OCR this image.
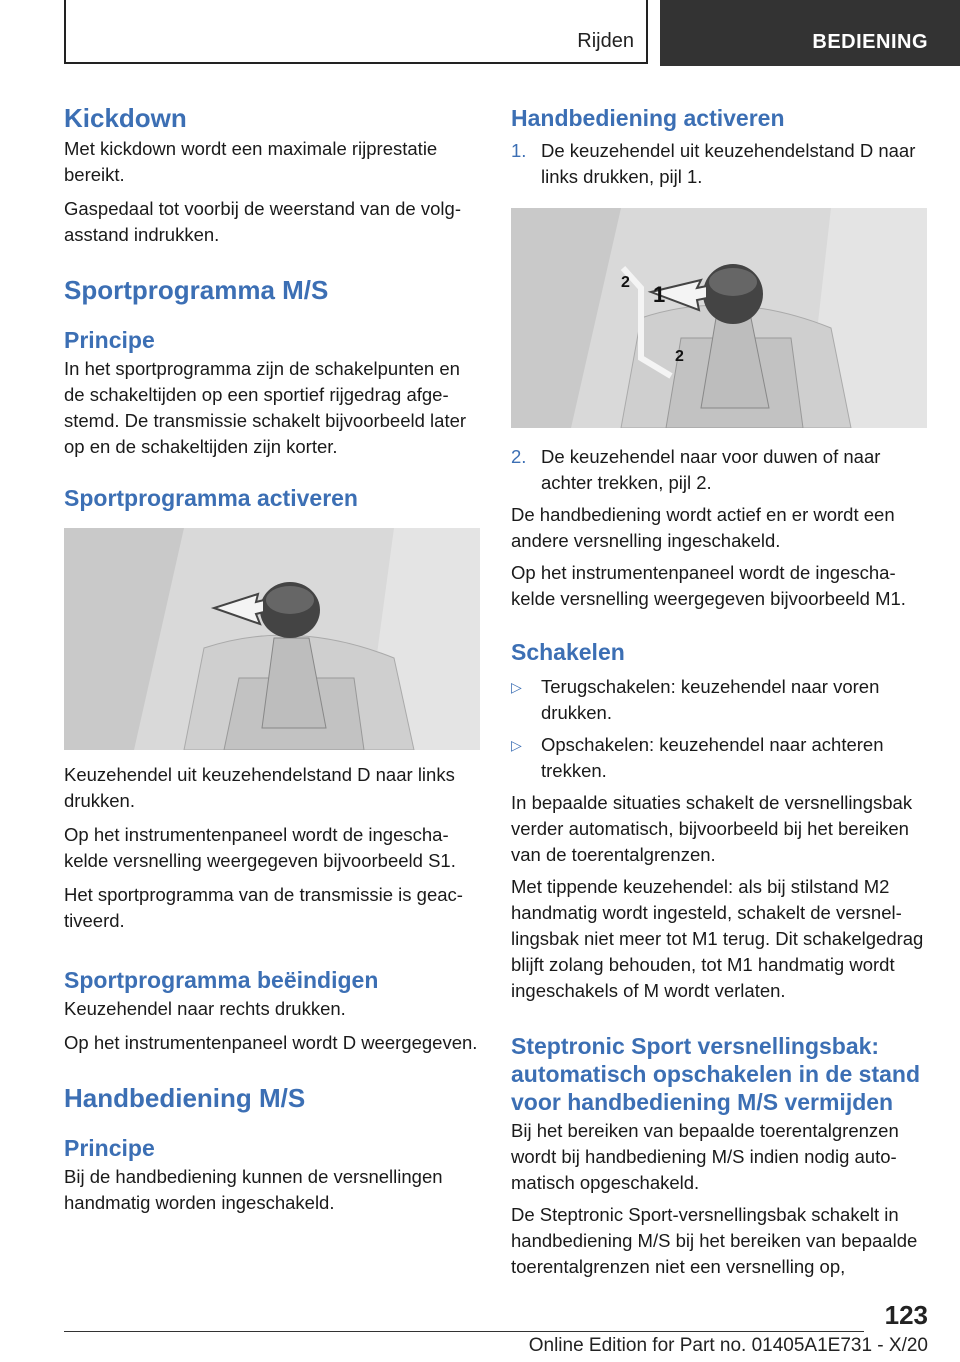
Rijden	BEDIENING
Kickdown

Met kickdown wordt een maximale rijprestatie bereikt.

Gaspedaal tot voorbij de weerstand van de volgasstand indrukken.

Sportprogramma M/S
Principe

In het sportprogramma zijn de schakelpunten en de schakeltijden op een sportief rijgedrag afgestemd. De transmissie schakelt bijvoorbeeld later op en de schakeltijden zijn korter.

Sportprogramma activeren

Keuzehendel uit keuzehendelstand D naar links drukken.

Op het instrumentenpaneel wordt de ingeschakelde versnelling weergegeven bijvoorbeeld S1.

Het sportprogramma van de transmissie is geactiveerd.

Sportprogramma beëindigen

Keuzehendel naar rechts drukken.

Op het instrumentenpaneel wordt D weergegeven.

Handbediening M/S
Principe

Bij de handbediening kunnen de versnellingen handmatig worden ingeschakeld.

Handbediening activeren
1. De keuzehendel uit keuzehendelstand D naar links drukken, pijl 1.
1
2
2
2. De keuzehendel naar voor duwen of naar achter trekken, pijl 2.

De handbediening wordt actief en er wordt een andere versnelling ingeschakeld.

Op het instrumentenpaneel wordt de ingeschakelde versnelling weergegeven bijvoorbeeld M1.

Schakelen
▷	Terugschakelen: keuzehendel naar voren drukken.
▷	Opschakelen: keuzehendel naar achteren trekken.

In bepaalde situaties schakelt de versnellingsbak verder automatisch, bijvoorbeeld bij het bereiken van de toerentalgrenzen.

Met tippende keuzehendel: als bij stilstand M2 handmatig wordt ingesteld, schakelt de versnellingsbak niet meer tot M1 terug. Dit schakelgedrag blijft zolang behouden, tot M1 handmatig wordt ingeschakels of M wordt verlaten.

Steptronic Sport versnellingsbak: automatisch opschakelen in de stand voor handbediening M/S vermijden

Bij het bereiken van bepaalde toerentalgrenzen wordt bij handbediening M/S indien nodig automatisch opgeschakeld.

De Steptronic Sport-versnellingsbak schakelt in handbediening M/S bij het bereiken van bepaalde toerentalgrenzen niet een versnelling op,

123
Online Edition for Part no. 01405A1E731 - X/20
